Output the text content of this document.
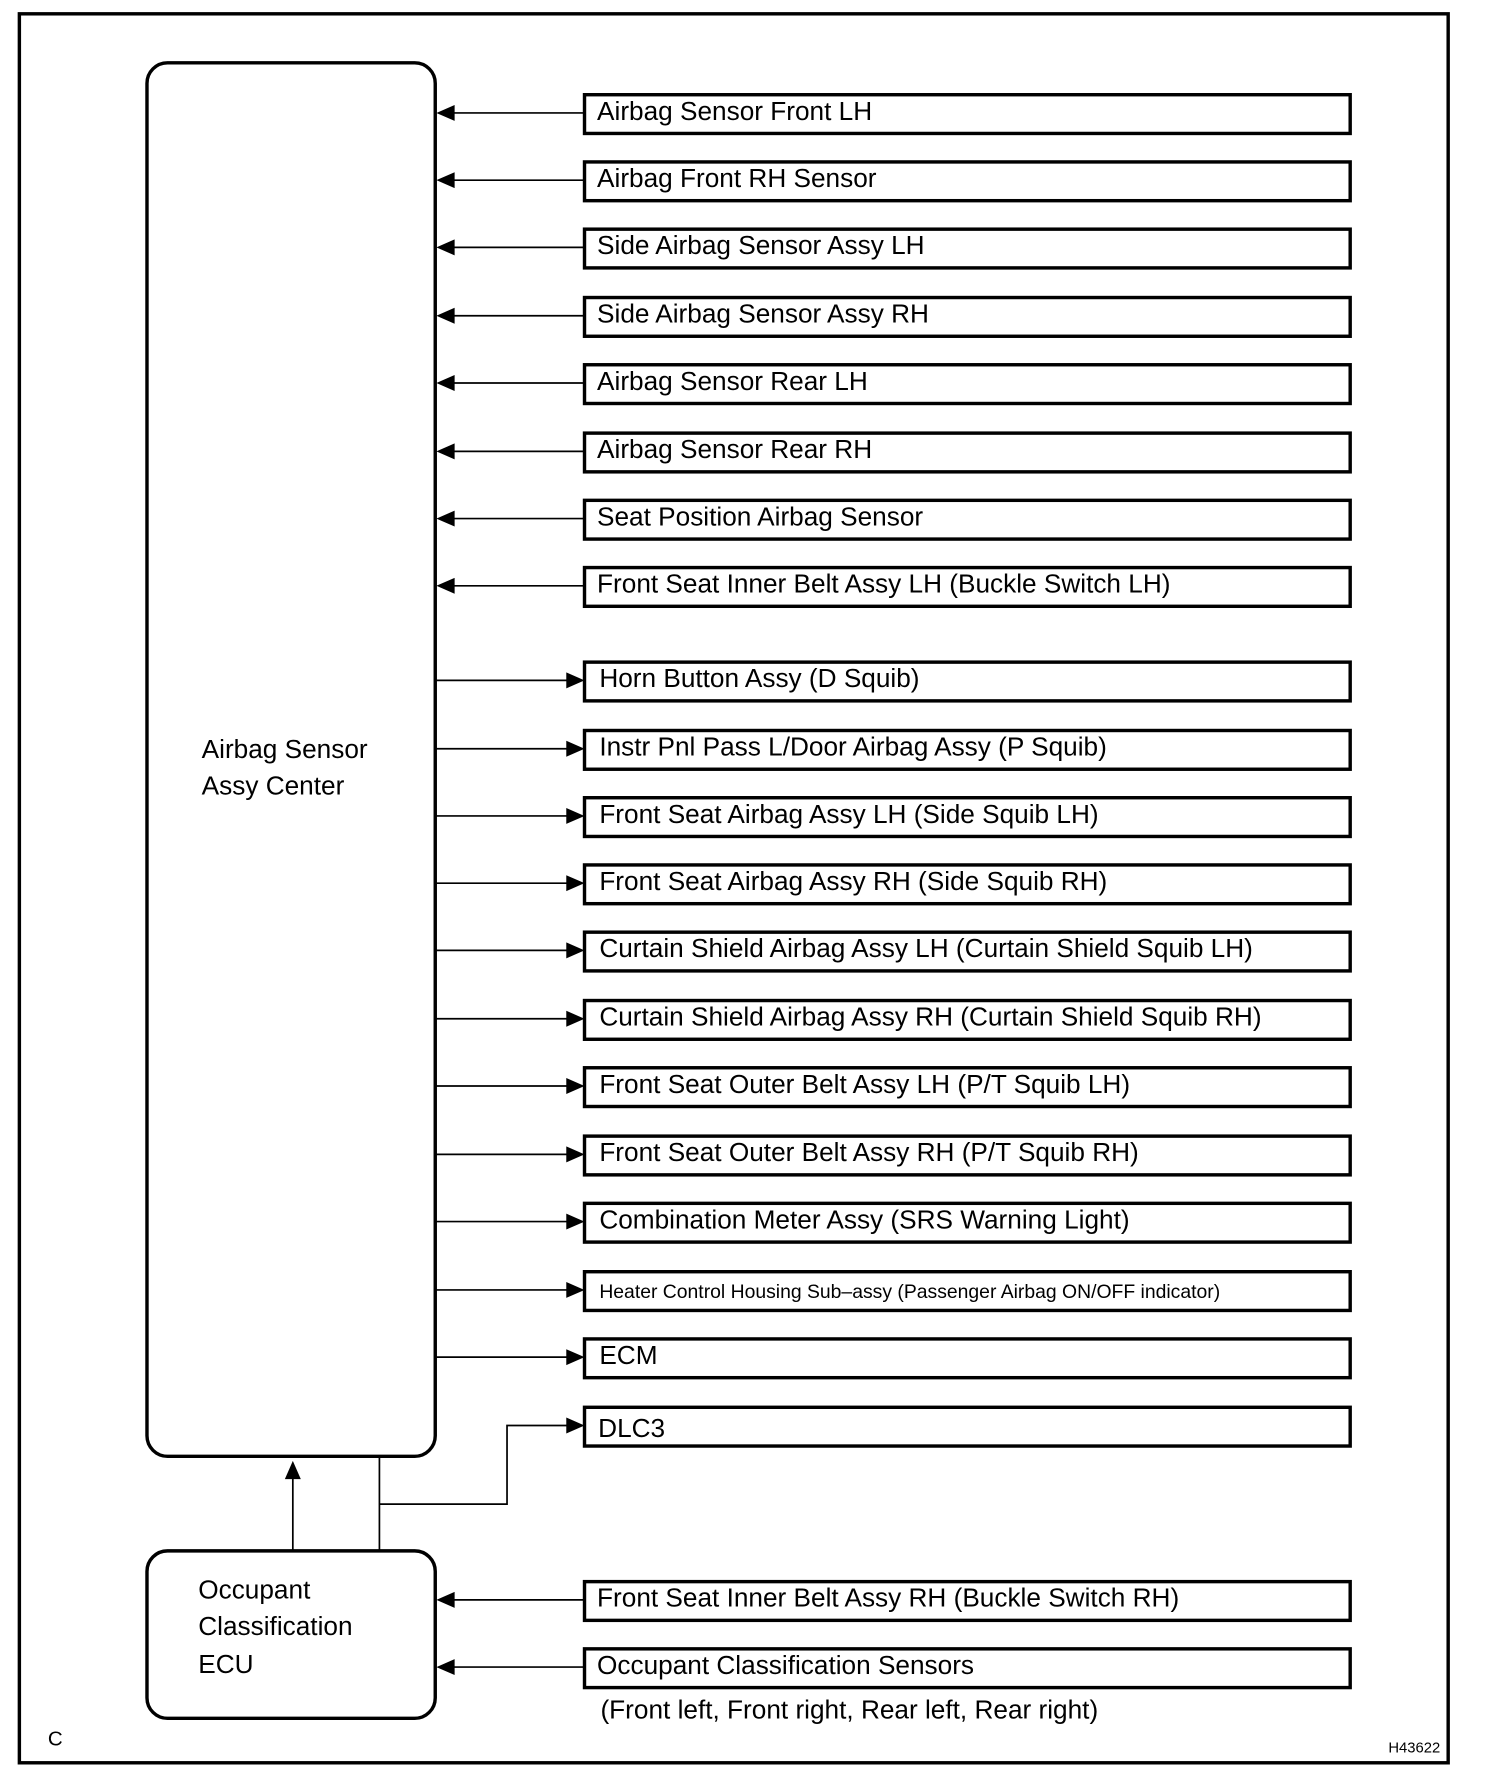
Airbag Sensor
Assy Center
Occupant
Classification
ECU
DLC3
Airbag Sensor Front LH
Airbag Front RH Sensor
Side Airbag Sensor Assy LH
Side Airbag Sensor Assy RH
Airbag Sensor Rear LH
Airbag Sensor Rear RH
Seat Position Airbag Sensor
Front Seat Inner Belt Assy LH (Buckle Switch LH)
Horn Button Assy (D Squib)
Instr Pnl Pass L/Door Airbag Assy (P Squib)
Front Seat Airbag Assy LH (Side Squib LH)
Front Seat Airbag Assy RH (Side Squib RH)
Curtain Shield Airbag Assy LH (Curtain Shield Squib LH)
Curtain Shield Airbag Assy RH (Curtain Shield Squib RH)
Front Seat Outer Belt Assy LH (P/T Squib LH)
Front Seat Outer Belt Assy RH (P/T Squib RH)
Combination Meter Assy (SRS Warning Light)
Heater Control Housing Sub–assy (Passenger Airbag ON/OFF indicator)
ECM
Front Seat Inner Belt Assy RH (Buckle Switch RH)
Occupant Classification Sensors
(Front left, Front right, Rear left, Rear right)
C	H43622
